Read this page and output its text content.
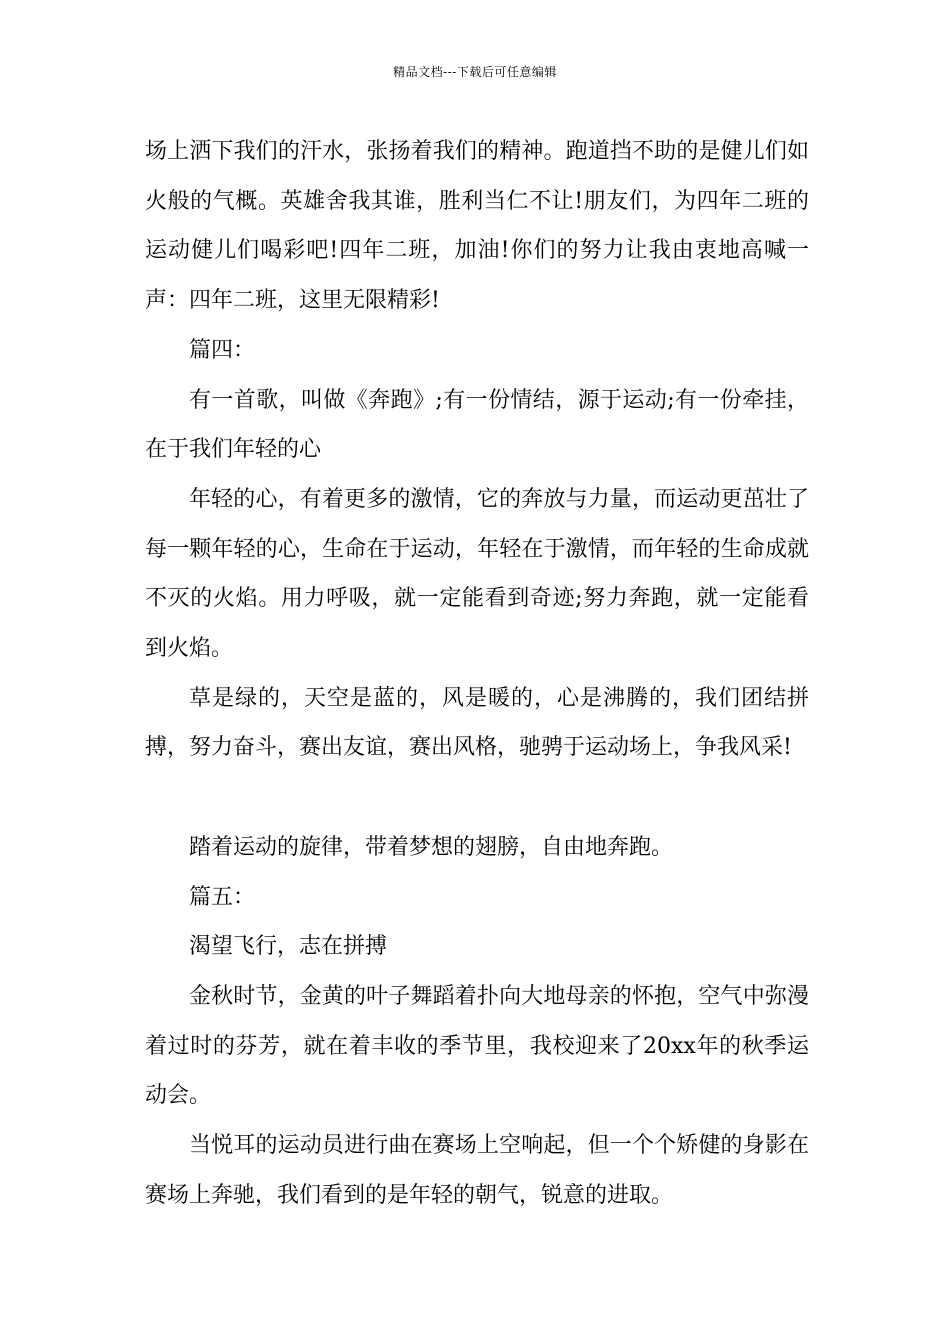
精品文档---下载后可任意编辑

场上洒下我们的汗水，张扬着我们的精神。跑道挡不助的是健儿们如火般的气概。英雄舍我其谁，胜利当仁不让!朋友们，为四年二班的运动健儿们喝彩吧!四年二班，加油!你们的努力让我由衷地高喊一声：四年二班，这里无限精彩!

篇四：

有一首歌，叫做《奔跑》;有一份情结，源于运动;有一份牵挂，在于我们年轻的心

年轻的心，有着更多的激情，它的奔放与力量，而运动更茁壮了每一颗年轻的心，生命在于运动，年轻在于激情，而年轻的生命成就不灭的火焰。用力呼吸，就一定能看到奇迹;努力奔跑，就一定能看到火焰。

草是绿的，天空是蓝的，风是暖的，心是沸腾的，我们团结拼搏，努力奋斗，赛出友谊，赛出风格，驰骋于运动场上，争我风采!

踏着运动的旋律，带着梦想的翅膀，自由地奔跑。

篇五：

渴望飞行，志在拼搏

金秋时节，金黄的叶子舞蹈着扑向大地母亲的怀抱，空气中弥漫着过时的芬芳，就在着丰收的季节里，我校迎来了20xx年的秋季运动会。

当悦耳的运动员进行曲在赛场上空响起，但一个个矫健的身影在赛场上奔驰，我们看到的是年轻的朝气，锐意的进取。
